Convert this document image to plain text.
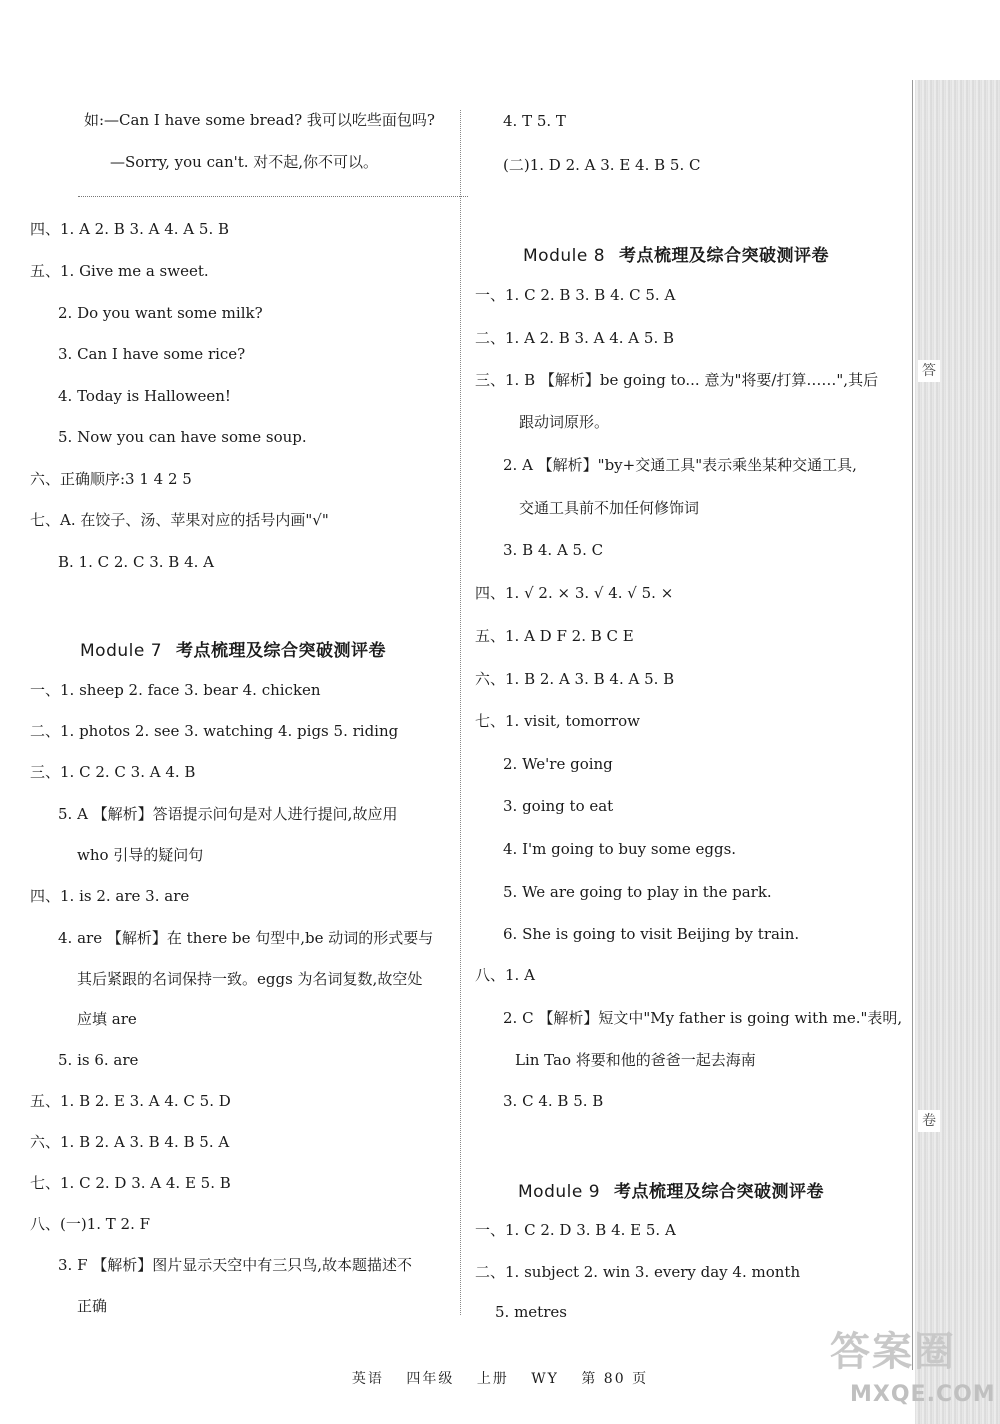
答
卷
如:—Can I have some bread? 我可以吃些面包吗?
—Sorry, you can't. 对不起,你不可以。
四、1. A 2. B 3. A 4. A 5. B
五、1. Give me a sweet.
2. Do you want some milk?
3. Can I have some rice?
4. Today is Halloween!
5. Now you can have some soup.
六、正确顺序:3 1 4 2 5
七、A. 在饺子、汤、苹果对应的括号内画"√"
B. 1. C 2. C 3. B 4. A
Module 7 考点梳理及综合突破测评卷
一、1. sheep 2. face 3. bear 4. chicken
二、1. photos 2. see 3. watching 4. pigs 5. riding
三、1. C 2. C 3. A 4. B
5. A 【解析】答语提示问句是对人进行提问,故应用
who 引导的疑问句
四、1. is 2. are 3. are
4. are 【解析】在 there be 句型中,be 动词的形式要与
其后紧跟的名词保持一致。eggs 为名词复数,故空处
应填 are
5. is 6. are
五、1. B 2. E 3. A 4. C 5. D
六、1. B 2. A 3. B 4. B 5. A
七、1. C 2. D 3. A 4. E 5. B
八、(一)1. T 2. F
3. F 【解析】图片显示天空中有三只鸟,故本题描述不
正确
4. T 5. T
(二)1. D 2. A 3. E 4. B 5. C
Module 8 考点梳理及综合突破测评卷
一、1. C 2. B 3. B 4. C 5. A
二、1. A 2. B 3. A 4. A 5. B
三、1. B 【解析】be going to... 意为"将要/打算……",其后
跟动词原形。
2. A 【解析】"by+交通工具"表示乘坐某种交通工具,
交通工具前不加任何修饰词
3. B 4. A 5. C
四、1. √ 2. × 3. √ 4. √ 5. ×
五、1. A D F 2. B C E
六、1. B 2. A 3. B 4. A 5. B
七、1. visit, tomorrow
2. We're going
3. going to eat
4. I'm going to buy some eggs.
5. We are going to play in the park.
6. She is going to visit Beijing by train.
八、1. A
2. C 【解析】短文中"My father is going with me."表明,
Lin Tao 将要和他的爸爸一起去海南
3. C 4. B 5. B
Module 9 考点梳理及综合突破测评卷
一、1. C 2. D 3. B 4. E 5. A
二、1. subject 2. win 3. every day 4. month
5. metres
英语 四年级 上册 WY 第 80 页
答案圈
MXQE.COM
